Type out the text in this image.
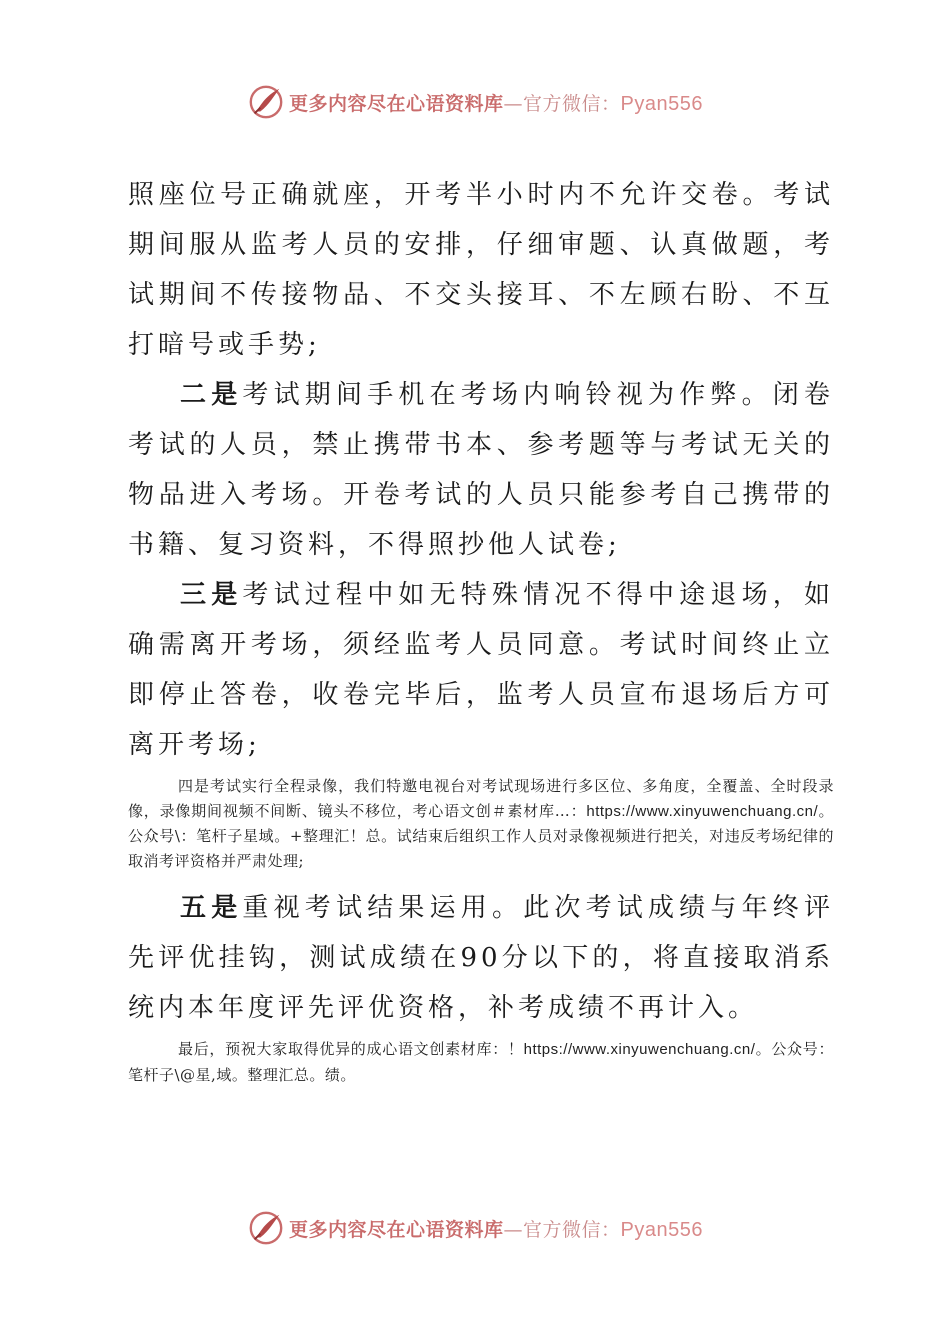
更多内容尽在心语资料库—官方微信：Pyan556

照座位号正确就座，开考半小时内不允许交卷。考试期间服从监考人员的安排，仔细审题、认真做题，考试期间不传接物品、不交头接耳、不左顾右盼、不互打暗号或手势;

二是考试期间手机在考场内响铃视为作弊。闭卷考试的人员，禁止携带书本、参考题等与考试无关的物品进入考场。开卷考试的人员只能参考自己携带的书籍、复习资料，不得照抄他人试卷;

三是考试过程中如无特殊情况不得中途退场，如确需离开考场，须经监考人员同意。考试时间终止立即停止答卷，收卷完毕后，监考人员宣布退场后方可离开考场;

四是考试实行全程录像，我们特邀电视台对考试现场进行多区位、多角度，全覆盖、全时段录像，录像期间视频不间断、镜头不移位，考心语文创＃素材库…：https://www.xinyuwenchuang.cn/。公众号\：笔杆子星域。+整理汇！总。试结束后组织工作人员对录像视频进行把关，对违反考场纪律的取消考评资格并严肃处理;

五是重视考试结果运用。此次考试成绩与年终评先评优挂钩，测试成绩在90分以下的，将直接取消系统内本年度评先评优资格，补考成绩不再计入。

最后，预祝大家取得优异的成心语文创素材库：！https://www.xinyuwenchuang.cn/。公众号：笔杆子\@星,域。整理汇总。绩。

更多内容尽在心语资料库—官方微信：Pyan556
